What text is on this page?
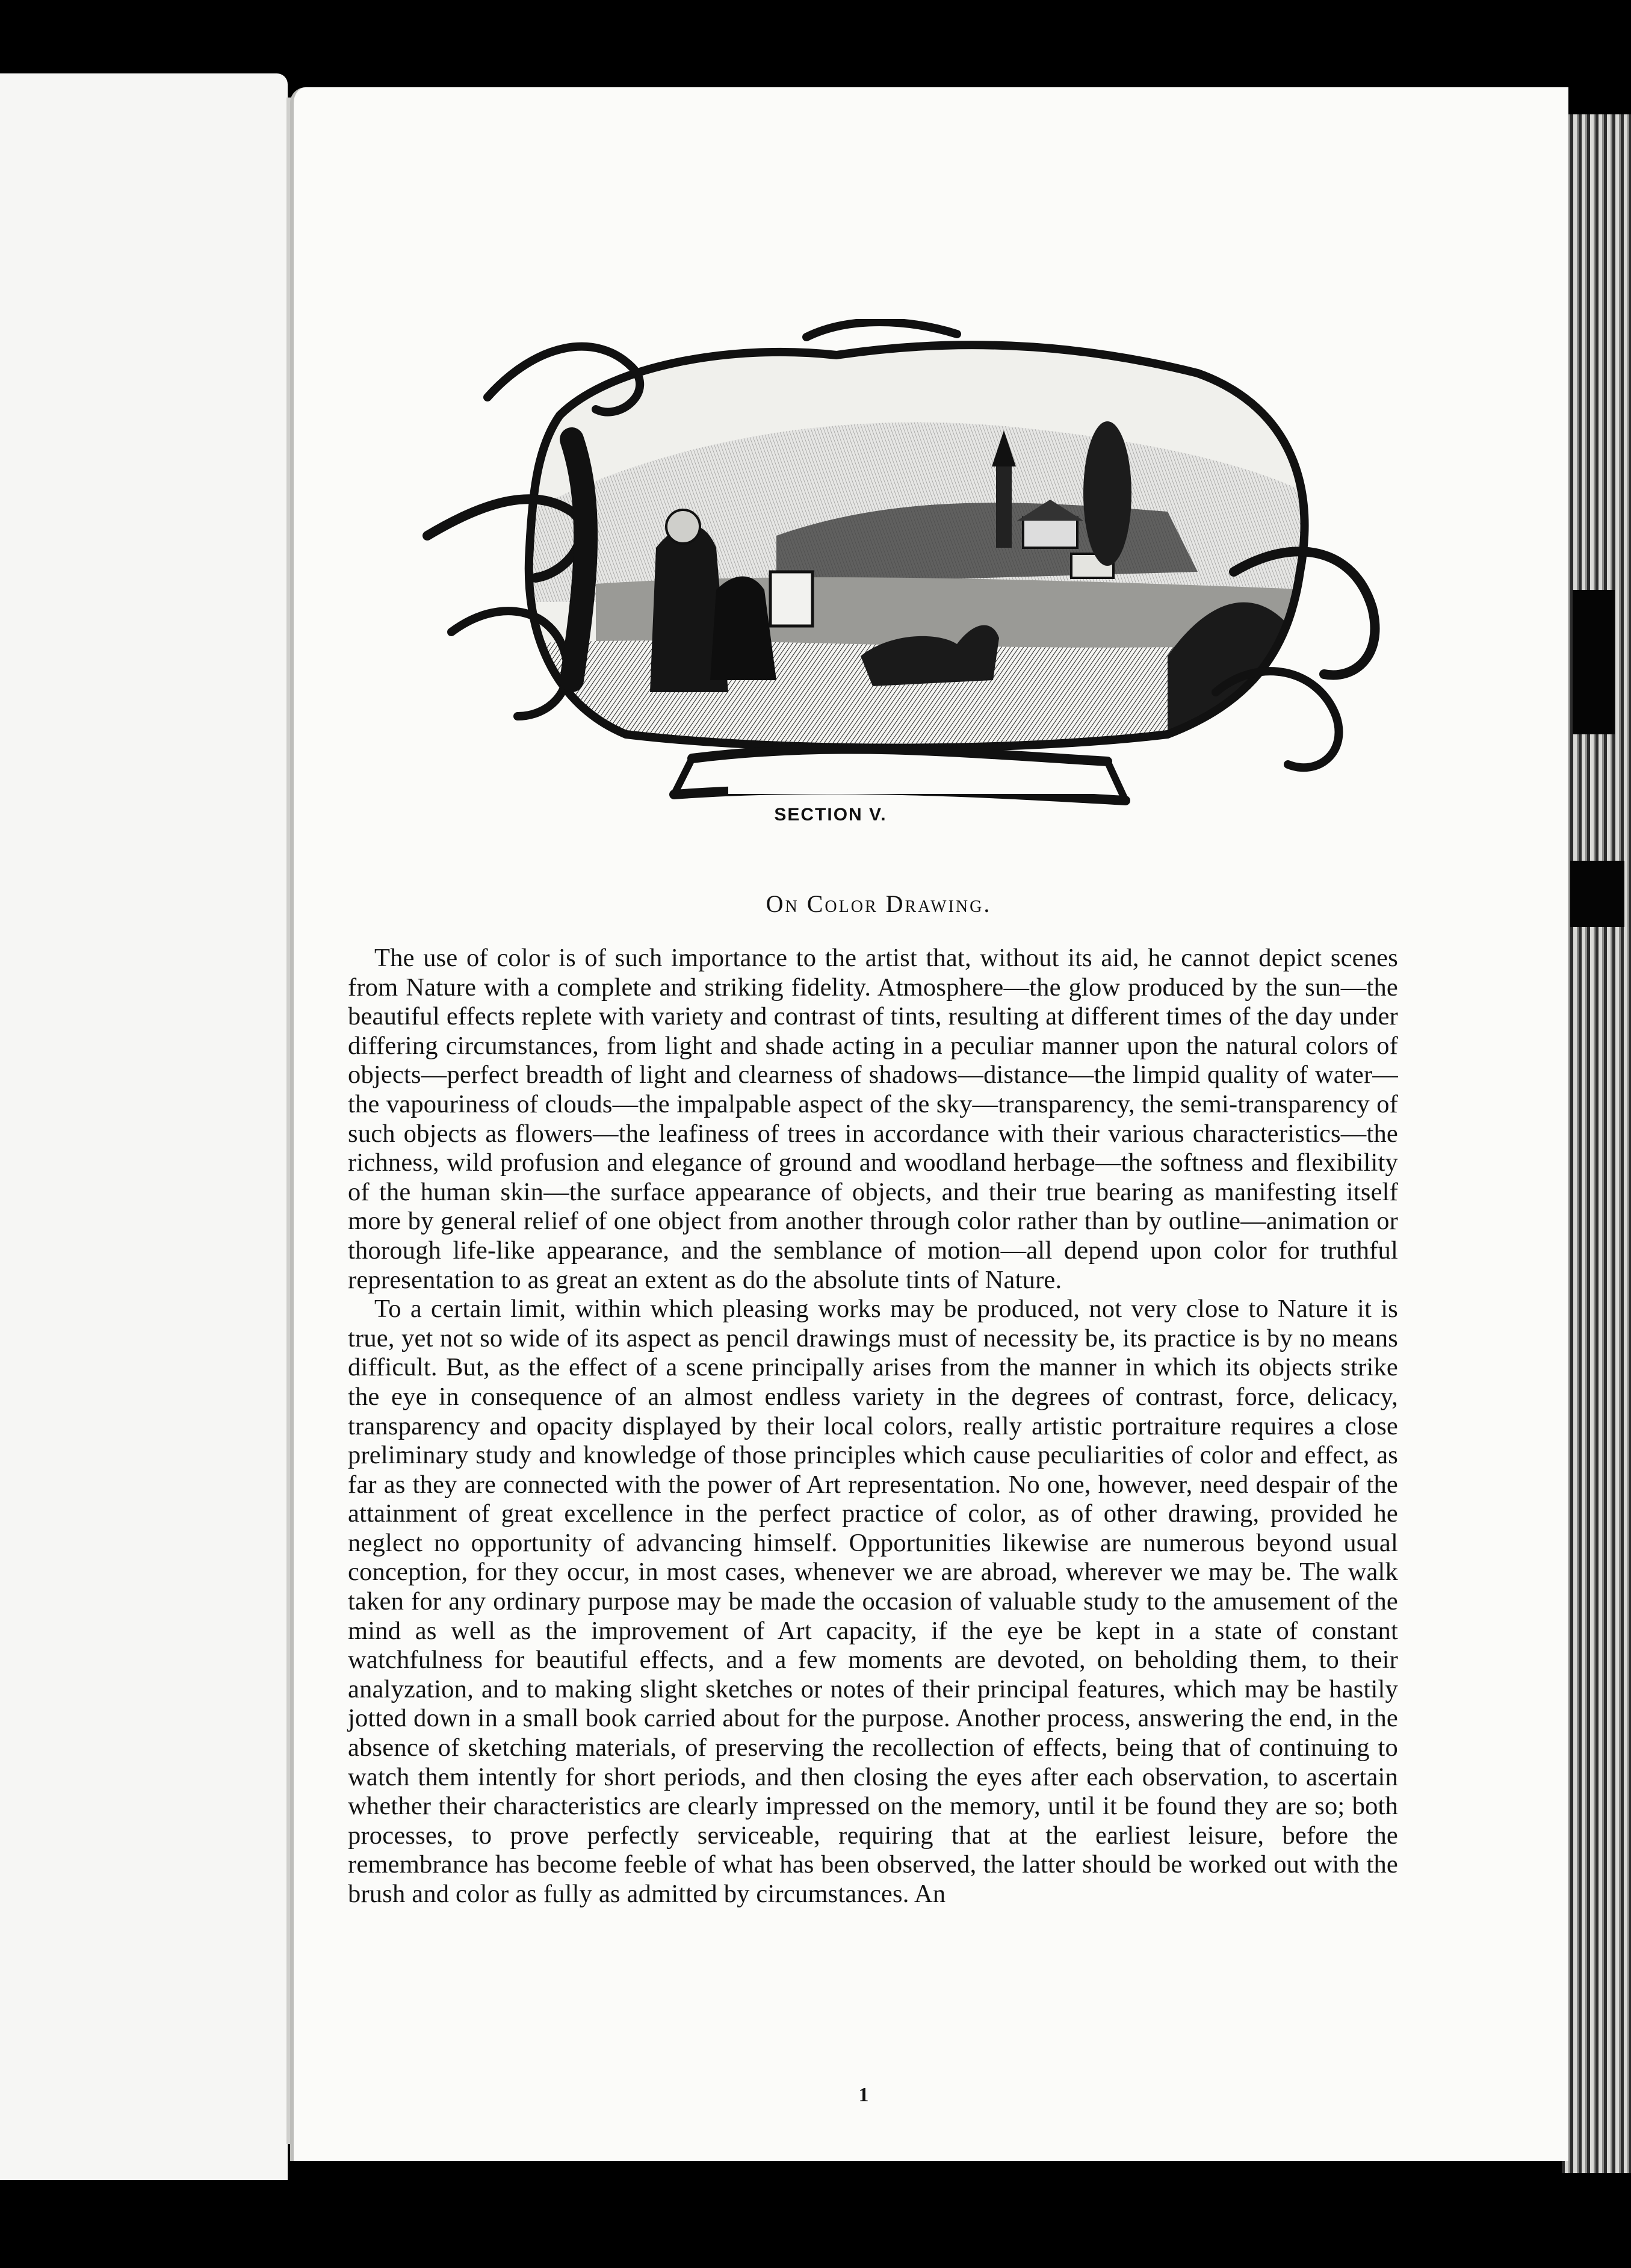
SECTION V.
On Color Drawing.

The use of color is of such importance to the artist that, without its aid, he cannot depict scenes from Nature with a complete and striking fidelity. Atmosphere—the glow produced by the sun—the beautiful effects replete with variety and contrast of tints, resulting at different times of the day under differing circumstances, from light and shade acting in a peculiar manner upon the natural colors of objects—perfect breadth of light and clearness of shadows—distance—the limpid quality of water—the vapouriness of clouds—the impalpable aspect of the sky—transparency, the semi-transparency of such objects as flowers—the leafiness of trees in accordance with their various characteristics—the richness, wild profusion and elegance of ground and woodland herbage—the softness and flexibility of the human skin—the surface appearance of objects, and their true bearing as manifesting itself more by general relief of one object from another through color rather than by outline—animation or thorough life-like appearance, and the semblance of motion—all depend upon color for truthful representation to as great an extent as do the absolute tints of Nature.

To a certain limit, within which pleasing works may be produced, not very close to Nature it is true, yet not so wide of its aspect as pencil drawings must of necessity be, its practice is by no means difficult. But, as the effect of a scene principally arises from the manner in which its objects strike the eye in consequence of an almost endless variety in the degrees of contrast, force, delicacy, transparency and opacity displayed by their local colors, really artistic portraiture requires a close preliminary study and knowledge of those principles which cause peculiarities of color and effect, as far as they are connected with the power of Art representation. No one, however, need despair of the attainment of great excellence in the perfect practice of color, as of other drawing, provided he neglect no opportunity of advancing himself. Opportunities likewise are numerous beyond usual conception, for they occur, in most cases, whenever we are abroad, wherever we may be. The walk taken for any ordinary purpose may be made the occasion of valuable study to the amusement of the mind as well as the improvement of Art capacity, if the eye be kept in a state of constant watchfulness for beautiful effects, and a few moments are devoted, on beholding them, to their analyzation, and to making slight sketches or notes of their principal features, which may be hastily jotted down in a small book carried about for the purpose. Another process, answering the end, in the absence of sketching materials, of preserving the recollection of effects, being that of continuing to watch them intently for short periods, and then closing the eyes after each observation, to ascertain whether their characteristics are clearly impressed on the memory, until it be found they are so; both processes, to prove perfectly serviceable, requiring that at the earliest leisure, before the remembrance has become feeble of what has been observed, the latter should be worked out with the brush and color as fully as admitted by circumstances. An

1
